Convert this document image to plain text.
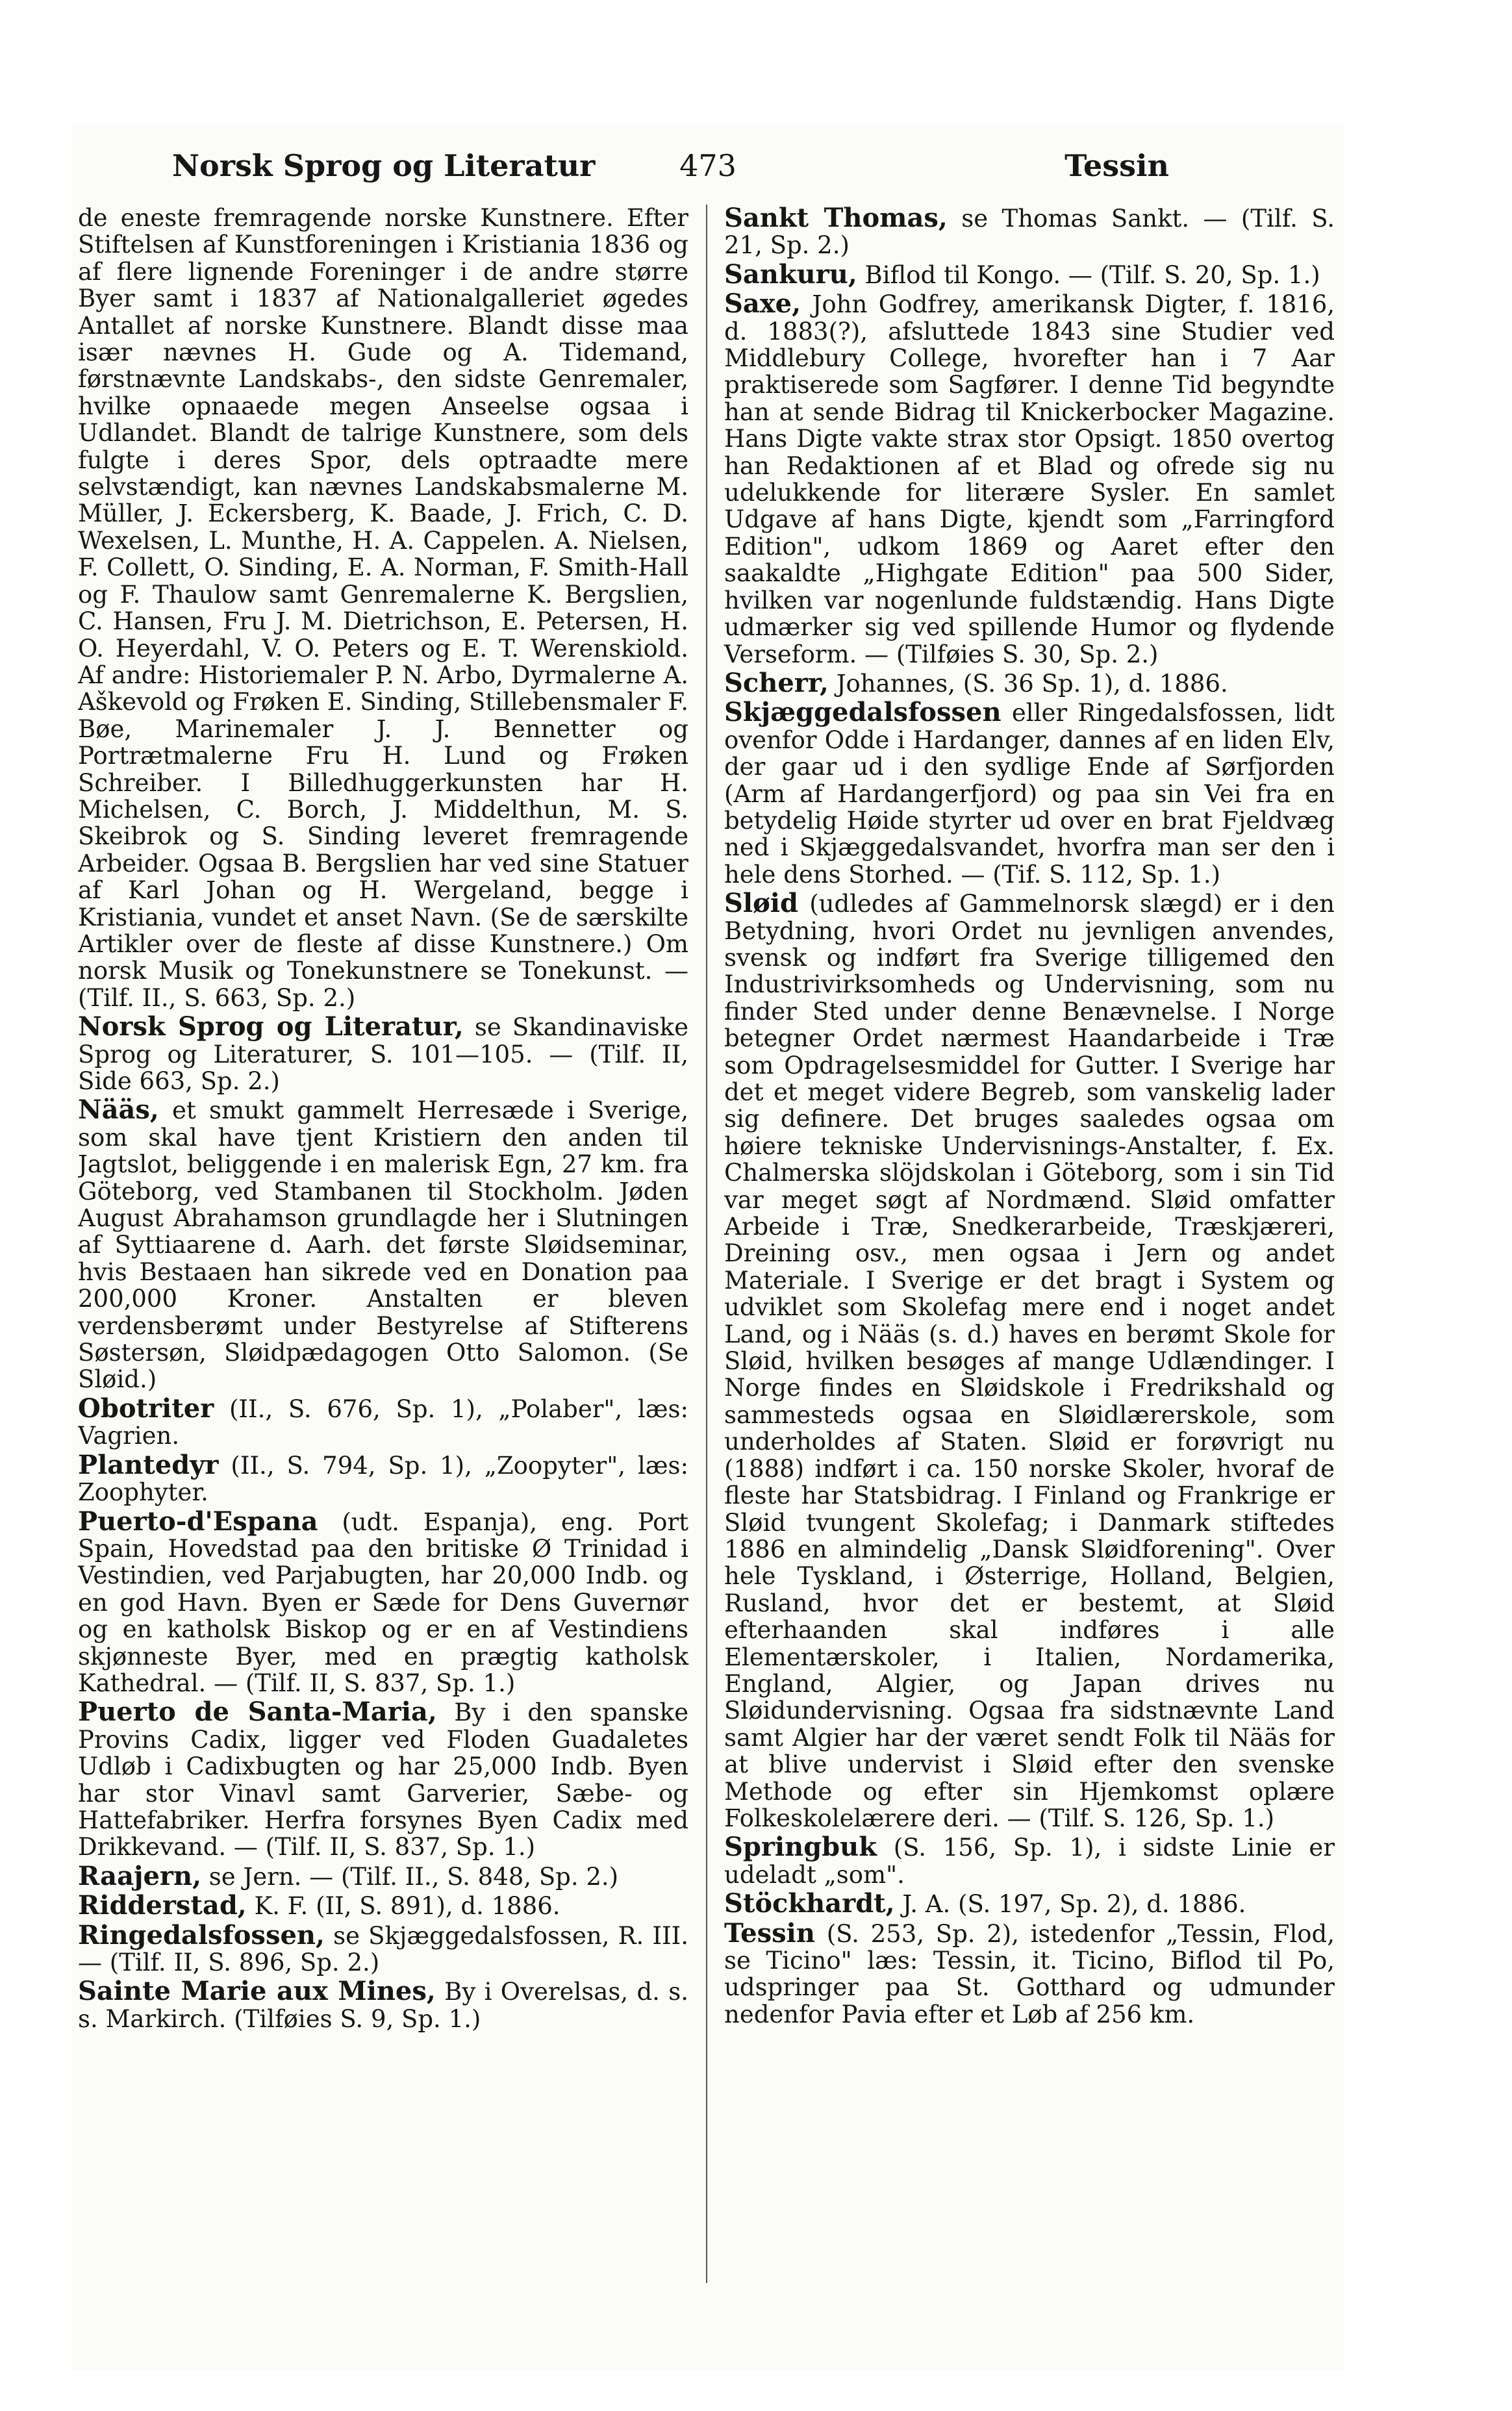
Norsk Sprog og Literatur	473	Tessin

de eneste fremragende norske Kunstnere. Efter Stiftelsen af Kunstforeningen i Kristiania 1836 og af flere lignende Foreninger i de andre større Byer samt i 1837 af Nationalgalleriet øgedes Antallet af norske Kunstnere. Blandt disse maa især nævnes H. Gude og A. Tidemand, førstnævnte Landskabs-, den sidste Genremaler, hvilke opnaaede megen Anseelse ogsaa i Udlandet. Blandt de talrige Kunstnere, som dels fulgte i deres Spor, dels optraadte mere selvstændigt, kan nævnes Landskabsmalerne M. Müller, J. Eckersberg, K. Baade, J. Frich, C. D. Wexelsen, L. Munthe, H. A. Cappelen. A. Nielsen, F. Collett, O. Sinding, E. A. Norman, F. Smith-Hall og F. Thaulow samt Genremalerne K. Bergslien, C. Hansen, Fru J. M. Dietrichson, E. Petersen, H. O. Heyerdahl, V. O. Peters og E. T. Werenskiold. Af andre: Historiemaler P. N. Arbo, Dyrmalerne A. Aškevold og Frøken E. Sinding, Stillebensmaler F. Bøe, Marinemaler J. J. Bennetter og Portrætmalerne Fru H. Lund og Frøken Schreiber. I Billedhuggerkunsten har H. Michelsen, C. Borch, J. Middelthun, M. S. Skeibrok og S. Sinding leveret fremragende Arbeider. Ogsaa B. Bergslien har ved sine Statuer af Karl Johan og H. Wergeland, begge i Kristiania, vundet et anset Navn. (Se de særskilte Artikler over de fleste af disse Kunstnere.) Om norsk Musik og Tonekunstnere se Tonekunst. — (Tilf. II., S. 663, Sp. 2.)

Norsk Sprog og Literatur, se Skandinaviske Sprog og Literaturer, S. 101—105. — (Tilf. II, Side 663, Sp. 2.)

Nääs, et smukt gammelt Herresæde i Sverige, som skal have tjent Kristiern den anden til Jagtslot, beliggende i en malerisk Egn, 27 km. fra Göteborg, ved Stambanen til Stockholm. Jøden August Abrahamson grundlagde her i Slutningen af Syttiaarene d. Aarh. det første Sløidseminar, hvis Bestaaen han sikrede ved en Donation paa 200,000 Kroner. Anstalten er bleven verdensberømt under Bestyrelse af Stifterens Søstersøn, Sløidpædagogen Otto Salomon. (Se Sløid.)

Obotriter (II., S. 676, Sp. 1), „Polaber", læs: Vagrien.

Plantedyr (II., S. 794, Sp. 1), „Zoopyter", læs: Zoophyter.

Puerto-d'Espana (udt. Espanja), eng. Port Spain, Hovedstad paa den britiske Ø Trinidad i Vestindien, ved Parjabugten, har 20,000 Indb. og en god Havn. Byen er Sæde for Dens Guvernør og en katholsk Biskop og er en af Vestindiens skjønneste Byer, med en prægtig katholsk Kathedral. — (Tilf. II, S. 837, Sp. 1.)

Puerto de Santa-Maria, By i den spanske Provins Cadix, ligger ved Floden Guadaletes Udløb i Cadixbugten og har 25,000 Indb. Byen har stor Vinavl samt Garverier, Sæbe- og Hattefabriker. Herfra forsynes Byen Cadix med Drikkevand. — (Tilf. II, S. 837, Sp. 1.)

Raajern, se Jern. — (Tilf. II., S. 848, Sp. 2.)

Ridderstad, K. F. (II, S. 891), d. 1886.

Ringedalsfossen, se Skjæggedalsfossen, R. III. — (Tilf. II, S. 896, Sp. 2.)

Sainte Marie aux Mines, By i Overelsas, d. s. s. Markirch. (Tilføies S. 9, Sp. 1.)

Sankt Thomas, se Thomas Sankt. — (Tilf. S. 21, Sp. 2.)

Sankuru, Biflod til Kongo. — (Tilf. S. 20, Sp. 1.)

Saxe, John Godfrey, amerikansk Digter, f. 1816, d. 1883(?), afsluttede 1843 sine Studier ved Middlebury College, hvorefter han i 7 Aar praktiserede som Sagfører. I denne Tid begyndte han at sende Bidrag til Knickerbocker Magazine. Hans Digte vakte strax stor Opsigt. 1850 overtog han Redaktionen af et Blad og ofrede sig nu udelukkende for literære Sysler. En samlet Udgave af hans Digte, kjendt som „Farringford Edition", udkom 1869 og Aaret efter den saakaldte „Highgate Edition" paa 500 Sider, hvilken var nogenlunde fuldstændig. Hans Digte udmærker sig ved spillende Humor og flydende Verseform. — (Tilføies S. 30, Sp. 2.)

Scherr, Johannes, (S. 36 Sp. 1), d. 1886.

Skjæggedalsfossen eller Ringedalsfossen, lidt ovenfor Odde i Hardanger, dannes af en liden Elv, der gaar ud i den sydlige Ende af Sørfjorden (Arm af Hardangerfjord) og paa sin Vei fra en betydelig Høide styrter ud over en brat Fjeldvæg ned i Skjæggedalsvandet, hvorfra man ser den i hele dens Storhed. — (Tif. S. 112, Sp. 1.)

Sløid (udledes af Gammelnorsk slægd) er i den Betydning, hvori Ordet nu jevnligen anvendes, svensk og indført fra Sverige tilligemed den Industrivirksomheds og Undervisning, som nu finder Sted under denne Benævnelse. I Norge betegner Ordet nærmest Haandarbeide i Træ som Opdragelsesmiddel for Gutter. I Sverige har det et meget videre Begreb, som vanskelig lader sig definere. Det bruges saaledes ogsaa om høiere tekniske Undervisnings-Anstalter, f. Ex. Chalmerska slöjdskolan i Göteborg, som i sin Tid var meget søgt af Nordmænd. Sløid omfatter Arbeide i Træ, Snedkerarbeide, Træskjæreri, Dreining osv., men ogsaa i Jern og andet Materiale. I Sverige er det bragt i System og udviklet som Skolefag mere end i noget andet Land, og i Nääs (s. d.) haves en berømt Skole for Sløid, hvilken besøges af mange Udlændinger. I Norge findes en Sløidskole i Fredrikshald og sammesteds ogsaa en Sløidlærerskole, som underholdes af Staten. Sløid er forøvrigt nu (1888) indført i ca. 150 norske Skoler, hvoraf de fleste har Statsbidrag. I Finland og Frankrige er Sløid tvungent Skolefag; i Danmark stiftedes 1886 en almindelig „Dansk Sløidforening". Over hele Tyskland, i Østerrige, Holland, Belgien, Rusland, hvor det er bestemt, at Sløid efterhaanden skal indføres i alle Elementærskoler, i Italien, Nordamerika, England, Algier, og Japan drives nu Sløidundervisning. Ogsaa fra sidstnævnte Land samt Algier har der været sendt Folk til Nääs for at blive undervist i Sløid efter den svenske Methode og efter sin Hjemkomst oplære Folkeskolelærere deri. — (Tilf. S. 126, Sp. 1.)

Springbuk (S. 156, Sp. 1), i sidste Linie er udeladt „som".

Stöckhardt, J. A. (S. 197, Sp. 2), d. 1886.

Tessin (S. 253, Sp. 2), istedenfor „Tessin, Flod, se Ticino" læs: Tessin, it. Ticino, Biflod til Po, udspringer paa St. Gotthard og udmunder nedenfor Pavia efter et Løb af 256 km.
